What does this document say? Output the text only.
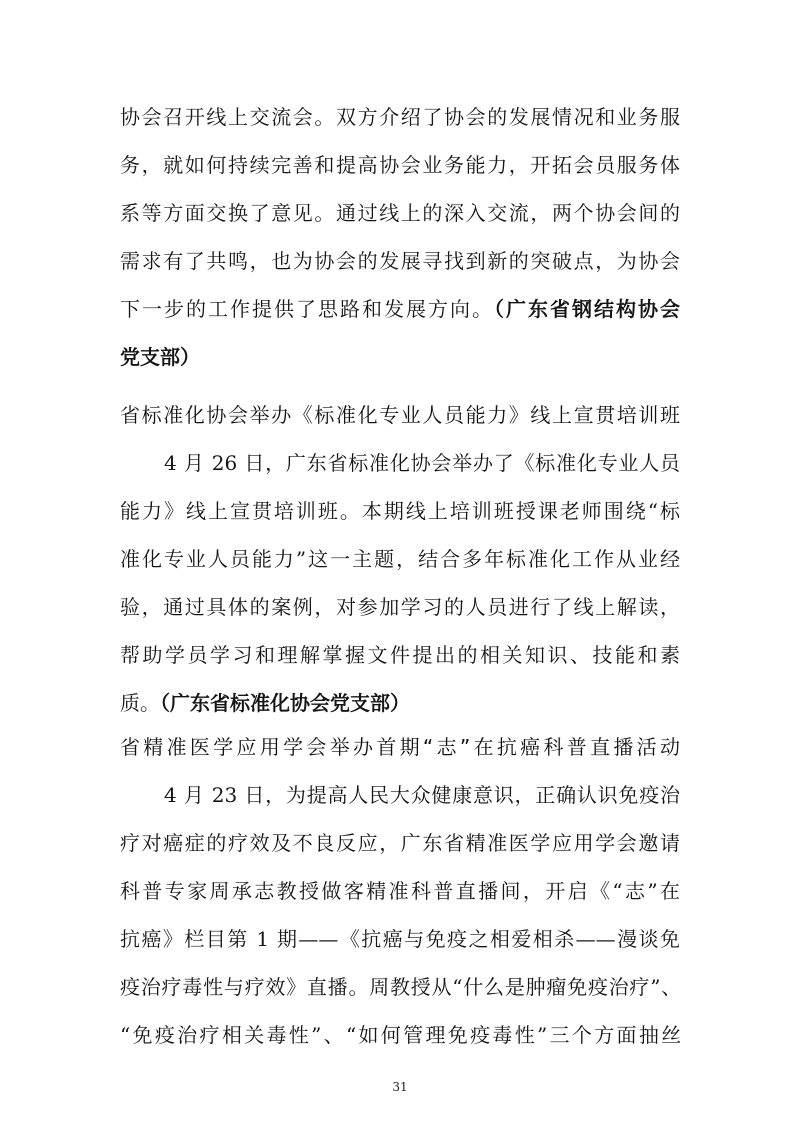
协会召开线上交流会。双方介绍了协会的发展情况和业务服
务，就如何持续完善和提高协会业务能力，开拓会员服务体
系等方面交换了意见。通过线上的深入交流，两个协会间的
需求有了共鸣，也为协会的发展寻找到新的突破点，为协会
下一步的工作提供了思路和发展方向。（广东省钢结构协会
党支部）
省标准化协会举办《标准化专业人员能力》线上宣贯培训班
4 月 26 日，广东省标准化协会举办了《标准化专业人员
能力》线上宣贯培训班。本期线上培训班授课老师围绕“标
准化专业人员能力”这一主题，结合多年标准化工作从业经
验，通过具体的案例，对参加学习的人员进行了线上解读，
帮助学员学习和理解掌握文件提出的相关知识、技能和素
质。（广东省标准化协会党支部）
省精准医学应用学会举办首期“志”在抗癌科普直播活动
4 月 23 日，为提高人民大众健康意识，正确认识免疫治
疗对癌症的疗效及不良反应，广东省精准医学应用学会邀请
科普专家周承志教授做客精准科普直播间，开启《“志”在
抗癌》栏目第 1 期——《抗癌与免疫之相爱相杀——漫谈免
疫治疗毒性与疗效》直播。周教授从“什么是肿瘤免疫治疗”、
“免疫治疗相关毒性”、“如何管理免疫毒性”三个方面抽丝
31
